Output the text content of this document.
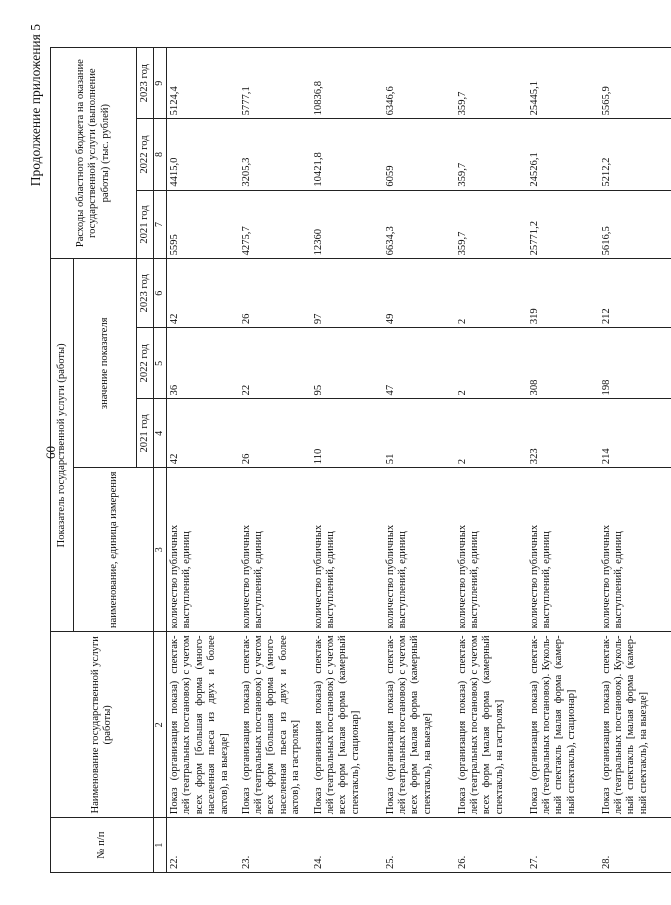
60
Продолжение приложения 5
№ п/п	Наименование государственной услуги (работы)	Показатель государственной услуги (работы)				Расходы областного бюджета на оказание государственной услуги (выполнение работы) (тыс. рублей)		
		наименование, единица измерения	значение показателя					
			2021 год	2022 год	2023 год	2021 год	2022 год	2023 год
1	2	3	4	5	6	7	8	9
22.	Показ (организация показа) спектак-лей (театральных постановок) с учетом всех форм [большая форма (много-населенная пьеса из двух и более актов), на выезде]	количество публичных выступлений, единиц	42	36	42	5595	4415,0	5124,4
23.	Показ (организация показа) спектак-лей (театральных постановок) с учетом всех форм [большая форма (много-населенная пьеса из двух и более актов), на гастролях]	количество публичных выступлений, единиц	26	22	26	4275,7	3205,3	5777,1
24.	Показ (организация показа) спектак-лей (театральных постановок) с учетом всех форм [малая форма (камерный спектакль), стационар]	количество публичных выступлений, единиц	110	95	97	12360	10421,8	10836,8
25.	Показ (организация показа) спектак-лей (театральных постановок) с учетом всех форм [малая форма (камерный спектакль), на выезде]	количество публичных выступлений, единиц	51	47	49	6634,3	6059	6346,6
26.	Показ (организация показа) спектак-лей (театральных постановок) с учетом всех форм [малая форма (камерный спектакль), на гастролях]	количество публичных выступлений, единиц	2	2	2	359,7	359,7	359,7
27.	Показ (организация показа) спектак-лей (театральных постановок). Куколь-ный спектакль [малая форма (камер-ный спектакль), стационар]	количество публичных выступлений, единиц	323	308	319	25771,2	24526,1	25445,1
28.	Показ (организация показа) спектак-лей (театральных постановок). Куколь-ный спектакль [малая форма (камер-ный спектакль), на выезде]	количество публичных выступлений, единиц	214	198	212	5616,5	5212,2	5565,9
